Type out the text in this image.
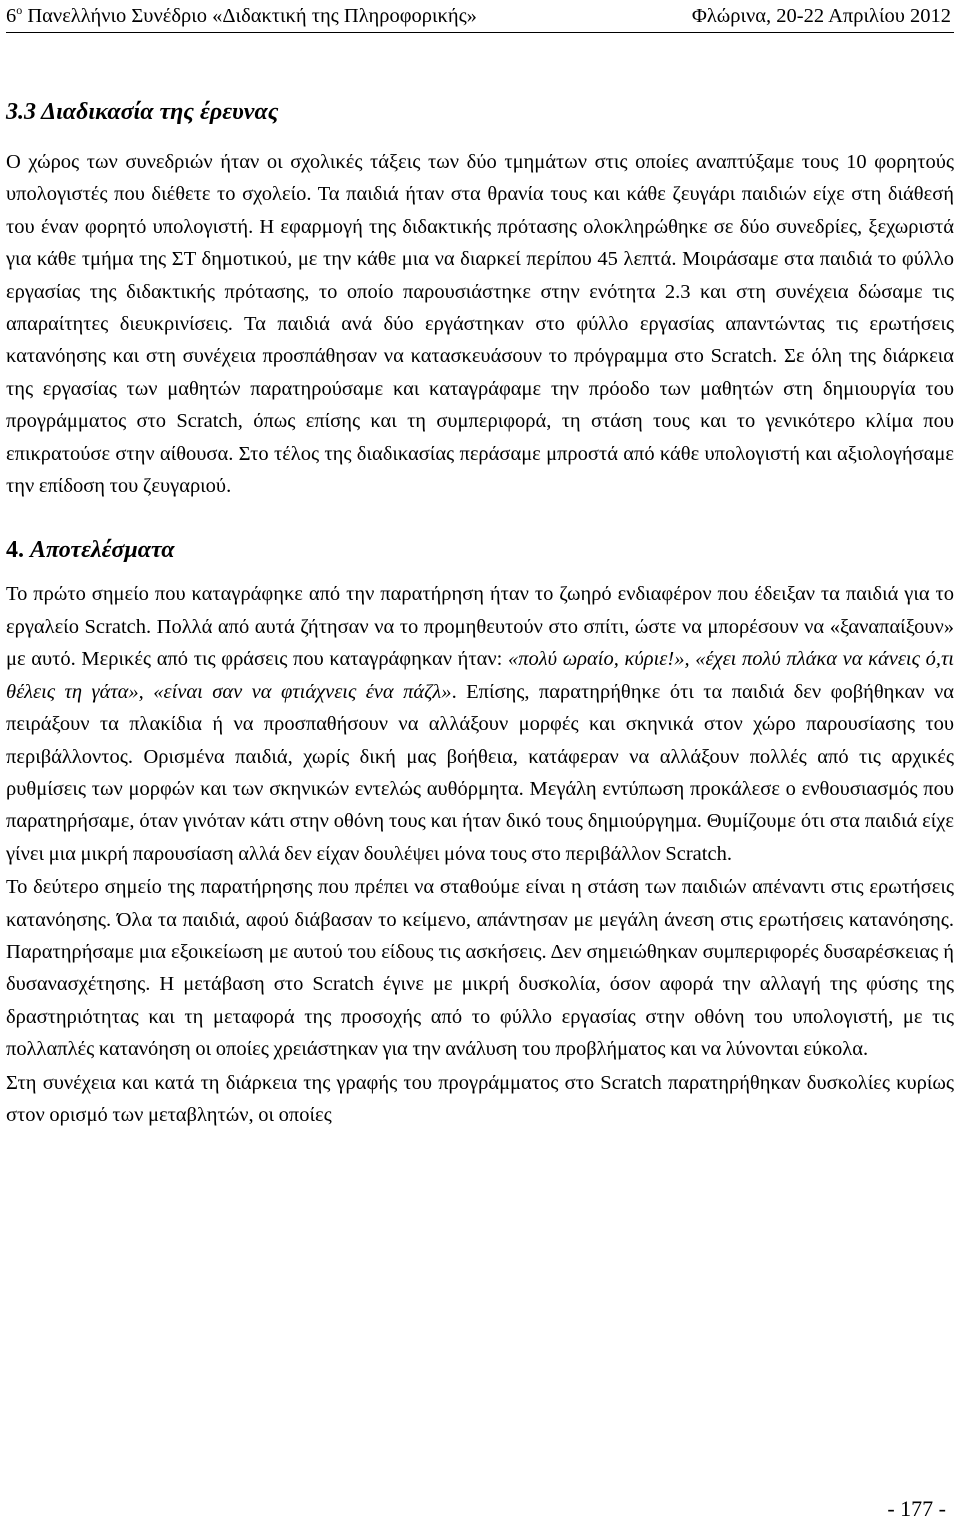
$6^o$ Πανελλήνιο Συνέδριο «Διδακτική της Πληροφορικής»	Φλώρινα, 20-22 Απριλίου 2012
3.3 Διαδικασία της έρευνας

Ο χώρος των συνεδριών ήταν οι σχολικές τάξεις των δύο τμημάτων στις οποίες αναπτύξαμε τους 10 φορητούς υπολογιστές που διέθετε το σχολείο. Τα παιδιά ήταν στα θρανία τους και κάθε ζευγάρι παιδιών είχε στη διάθεσή του έναν φορητό υπολογιστή. Η εφαρμογή της διδακτικής πρότασης ολοκληρώθηκε σε δύο συνεδρίες, ξεχωριστά για κάθε τμήμα της ΣΤ δημοτικού, με την κάθε μια να διαρκεί περίπου 45 λεπτά. Μοιράσαμε στα παιδιά το φύλλο εργασίας της διδακτικής πρότασης, το οποίο παρουσιάστηκε στην ενότητα 2.3 και στη συνέχεια δώσαμε τις απαραίτητες διευκρινίσεις. Τα παιδιά ανά δύο εργάστηκαν στο φύλλο εργασίας απαντώντας τις ερωτήσεις κατανόησης και στη συνέχεια προσπάθησαν να κατασκευάσουν το πρόγραμμα στο Scratch. Σε όλη της διάρκεια της εργασίας των μαθητών παρατηρούσαμε και καταγράφαμε την πρόοδο των μαθητών στη δημιουργία του προγράμματος στο Scratch, όπως επίσης και τη συμπεριφορά, τη στάση τους και το γενικότερο κλίμα που επικρατούσε στην αίθουσα. Στο τέλος της διαδικασίας περάσαμε μπροστά από κάθε υπολογιστή και αξιολογήσαμε την επίδοση του ζευγαριού.

4. Αποτελέσματα

Το πρώτο σημείο που καταγράφηκε από την παρατήρηση ήταν το ζωηρό ενδιαφέρον που έδειξαν τα παιδιά για το εργαλείο Scratch. Πολλά από αυτά ζήτησαν να το προμηθευτούν στο σπίτι, ώστε να μπορέσουν να «ξαναπαίξουν» με αυτό. Μερικές από τις φράσεις που καταγράφηκαν ήταν: «πολύ ωραίο, κύριε!», «έχει πολύ πλάκα να κάνεις ό,τι θέλεις τη γάτα», «είναι σαν να φτιάχνεις ένα πάζλ». Επίσης, παρατηρήθηκε ότι τα παιδιά δεν φοβήθηκαν να πειράξουν τα πλακίδια ή να προσπαθήσουν να αλλάξουν μορφές και σκηνικά στον χώρο παρουσίασης του περιβάλλοντος. Ορισμένα παιδιά, χωρίς δική μας βοήθεια, κατάφεραν να αλλάξουν πολλές από τις αρχικές ρυθμίσεις των μορφών και των σκηνικών εντελώς αυθόρμητα. Μεγάλη εντύπωση προκάλεσε ο ενθουσιασμός που παρατηρήσαμε, όταν γινόταν κάτι στην οθόνη τους και ήταν δικό τους δημιούργημα. Θυμίζουμε ότι στα παιδιά είχε γίνει μια μικρή παρουσίαση αλλά δεν είχαν δουλέψει μόνα τους στο περιβάλλον Scratch.

Το δεύτερο σημείο της παρατήρησης που πρέπει να σταθούμε είναι η στάση των παιδιών απέναντι στις ερωτήσεις κατανόησης. Όλα τα παιδιά, αφού διάβασαν το κείμενο, απάντησαν με μεγάλη άνεση στις ερωτήσεις κατανόησης. Παρατηρήσαμε μια εξοικείωση με αυτού του είδους τις ασκήσεις. Δεν σημειώθηκαν συμπεριφορές δυσαρέσκειας ή δυσανασχέτησης. Η μετάβαση στο Scratch έγινε με μικρή δυσκολία, όσον αφορά την αλλαγή της φύσης της δραστηριότητας και τη μεταφορά της προσοχής από το φύλλο εργασίας στην οθόνη του υπολογιστή, με τις πολλαπλές κατανόηση οι οποίες χρειάστηκαν για την ανάλυση του προβλήματος και να λύνονται εύκολα.

Στη συνέχεια και κατά τη διάρκεια της γραφής του προγράμματος στο Scratch παρατηρήθηκαν δυσκολίες κυρίως στον ορισμό των μεταβλητών, οι οποίες

- 177 -
